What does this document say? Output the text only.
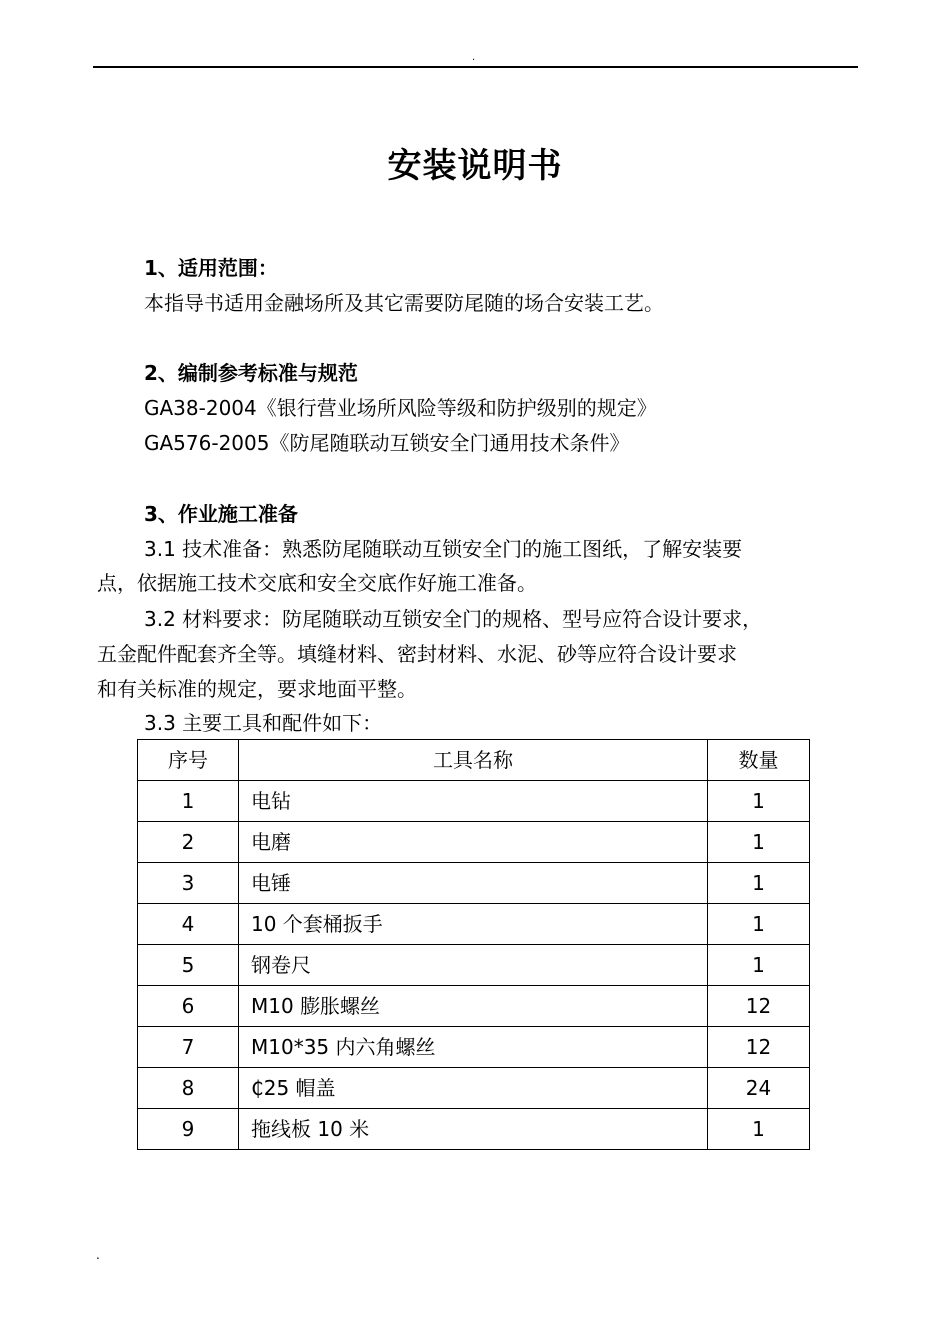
.
安装说明书
1、适用范围：

本指导书适用金融场所及其它需要防尾随的场合安装工艺。

2、编制参考标准与规范

GA38-2004《银行营业场所风险等级和防护级别的规定》

GA576-2005《防尾随联动互锁安全门通用技术条件》

3、作业施工准备

3.1 技术准备：熟悉防尾随联动互锁安全门的施工图纸，了解安装要

点，依据施工技术交底和安全交底作好施工准备。

3.2 材料要求：防尾随联动互锁安全门的规格、型号应符合设计要求，

五金配件配套齐全等。填缝材料、密封材料、水泥、砂等应符合设计要求

和有关标准的规定，要求地面平整。

3.3 主要工具和配件如下：

序号	工具名称	数量
1	电钻	1
2	电磨	1
3	电锤	1
4	10 个套桶扳手	1
5	钢卷尺	1
6	M10 膨胀螺丝	12
7	M10*35 内六角螺丝	12
8	₵25 帽盖	24
9	拖线板 10 米	1
.
